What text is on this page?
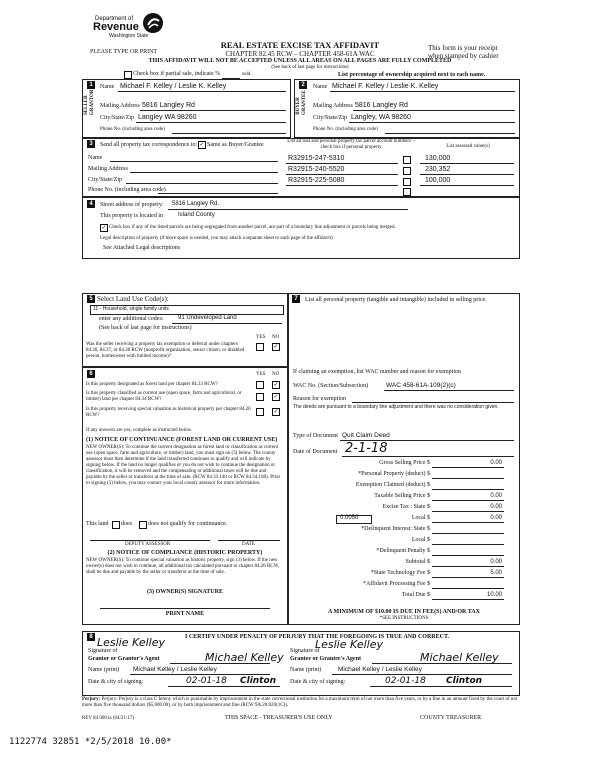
Department of
Revenue
Washington State
PLEASE TYPE OR PRINT
REAL ESTATE EXCISE TAX AFFIDAVIT
CHAPTER 82.45 RCW – CHAPTER 458-61A WAC
THIS AFFIDAVIT WILL NOT BE ACCEPTED UNLESS ALL AREAS ON ALL PAGES ARE FULLY COMPLETED
(See back of last page for instructions)
This form is your receipt
when stamped by cashier
Check box if partial sale, indicate %	sold.	List percentage of ownership acquired next to each name.
1
SELLER GRANTOR
Name Michael F. Kelley / Leslie K. Kelley
Mailing Address 5816 Langley Rd
City/State/Zip Langley WA 98260
Phone No. (including area code)
2
BUYER GRANTEE
Name Michael F. Kelley / Leslie K. Kelley
Mailing Address 5816 Langley Rd
City/State/Zip Langley, WA 98260
Phone No. (including area code)
3	Send all property tax correspondence to: ✓ Same as Buyer/Grantee
Name
Mailing Address
City/State/Zip
Phone No. (including area code)
List all real and personal property tax parcel account numbers – check box if personal property	List assessed value(s)
R32915-247-5310	130,000
R32915-240-5520	230,352
R32915-225-5080	100,000
4	Street address of property: 5816 Langley Rd.
This property is located in	Island County
✓ Check box if any of the listed parcels are being segregated from another parcel, are part of a boundary line adjustment or parcels being merged.
Legal description of property (if more space is needed, you may attach a separate sheet to each page of the affidavit)
See Attached Legal descriptions
5 Select Land Use Code(s):
11 - Household, single family units
enter any additional codes: 91 Undeveloped Land
(See back of last page for instructions)
YES NO
Was the seller receiving a property tax exemption or deferral under chapters 84.36, 84.37, or 84.38 RCW (nonprofit organization, senior citizen, or disabled person, homeowner with limited income)?
✓
6	YES NO
Is this property designated as forest land per chapter 84.33 RCW?	✓
Is this property classified as current use (open space, farm and agricultural, or timber) land per chapter 84.34 RCW?	✓
Is this property receiving special valuation as historical property per chapter 84.26 RCW?
✓
If any answers are yes, complete as instructed below.
(1) NOTICE OF CONTINUANCE (FOREST LAND OR CURRENT USE)
NEW OWNER(S): To continue the current designation as forest land or classification as current use (open space, farm and agriculture, or timber) land, you must sign on (3) below. The county assessor must then determine if the land transferred continues to qualify and will indicate by signing below. If the land no longer qualifies or you do not wish to continue the designation or classification, it will be removed and the compensating or additional taxes will be due and payable by the seller or transferor at the time of sale. (RCW 84.33.140 or RCW 84.34.108). Prior to signing (3) below, you may contact your local county assessor for more information.
This land does	does not qualify for continuance.
DEPUTY ASSESSOR	DATE
(2) NOTICE OF COMPLIANCE (HISTORIC PROPERTY)
NEW OWNER(S): To continue special valuation as historic property, sign (3) below. If the new owner(s) does not wish to continue, all additional tax calculated pursuant to chapter 84.26 RCW, shall be due and payable by the seller or transferor at the time of sale.
(3) OWNER(S) SIGNATURE
PRINT NAME
7	List all personal property (tangible and intangible) included in selling price.
If claiming an exemption, list WAC number and reason for exemption
WAC No. (Section/Subsection)	WAC 458-61A-109(2)(c)
Reason for exemption
The deeds are pursuant to a boundary line adjustment and there was no consideration given.
Type of Document Quit Claim Deed
Date of Document 2-1-18
Gross Selling Price $	0.00
*Personal Property (deduct) $
Exemption Claimed (deduct) $
Taxable Selling Price $	0.00
Excise Tax : State $	0.00
Local $	0.00
*Delinquent Interest: State $
Local $
*Delinquent Penalty $
Subtotal $	0.00
*State Technology Fee $	5.00
*Affidavit Processing Fee $
Total Due $	10.00
0.0050
A MINIMUM OF $10.00 IS DUE IN FEE(S) AND/OR TAX
*SEE INSTRUCTIONS
8	I CERTIFY UNDER PENALTY OF PERJURY THAT THE FOREGOING IS TRUE AND CORRECT.
Leslie Kelley
Michael Kelley
Leslie Kelley
Michael Kelley
Signature of
Grantor or Grantor's Agent
Name (print) Michael Kelley / Leslie Kelley
Date & city of signing:	02-01-18 Clinton
Signature of
Grantee or Grantee's Agent
Name (print)	Michael Kelley / Leslie Kelley
Date & city of signing:	02-01-18 Clinton
Perjury: Perjury: Perjury is a class C felony which is punishable by imprisonment in the state correctional institution for a maximum term of not more than five years, or by a fine in an amount fixed by the court of not more than five thousand dollars ($5,000.00), or by both imprisonment and fine (RCW 9A.20.020(1C)).
REV 84 0001a (04/21/17)	THIS SPACE - TREASURER'S USE ONLY	COUNTY TREASURER
1122774 32851 *2/5/2018 10.00*
